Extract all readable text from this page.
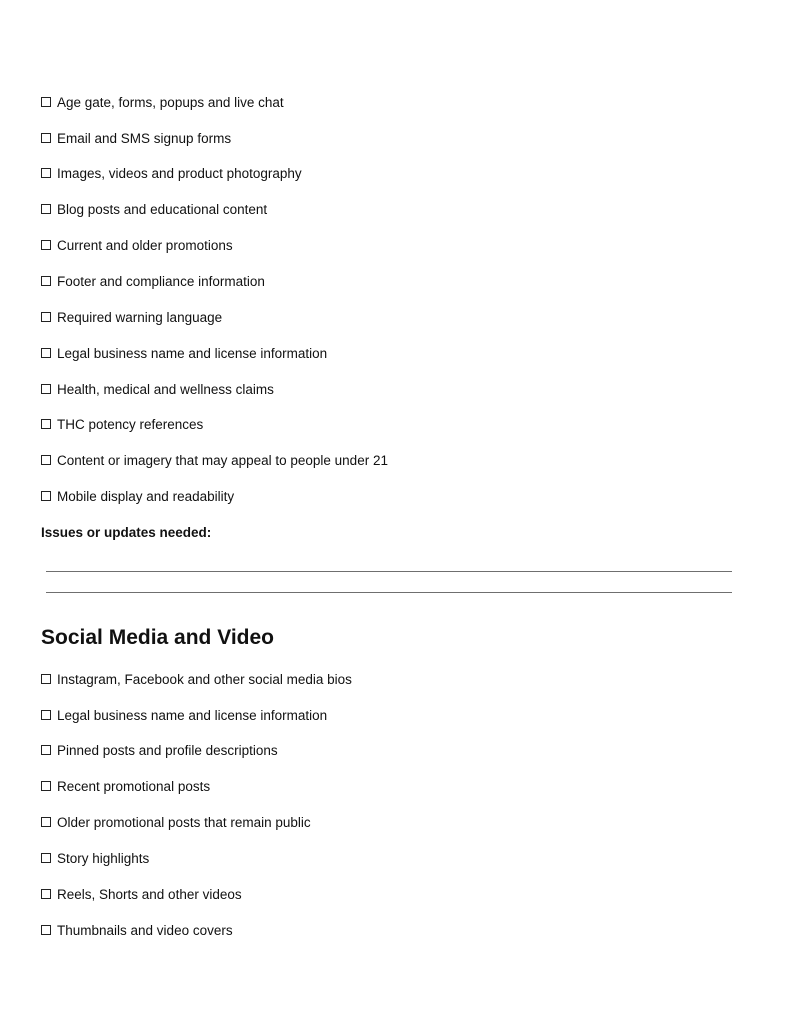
Age gate, forms, popups and live chat
Email and SMS signup forms
Images, videos and product photography
Blog posts and educational content
Current and older promotions
Footer and compliance information
Required warning language
Legal business name and license information
Health, medical and wellness claims
THC potency references
Content or imagery that may appeal to people under 21
Mobile display and readability
Issues or updates needed:
Social Media and Video
Instagram, Facebook and other social media bios
Legal business name and license information
Pinned posts and profile descriptions
Recent promotional posts
Older promotional posts that remain public
Story highlights
Reels, Shorts and other videos
Thumbnails and video covers
